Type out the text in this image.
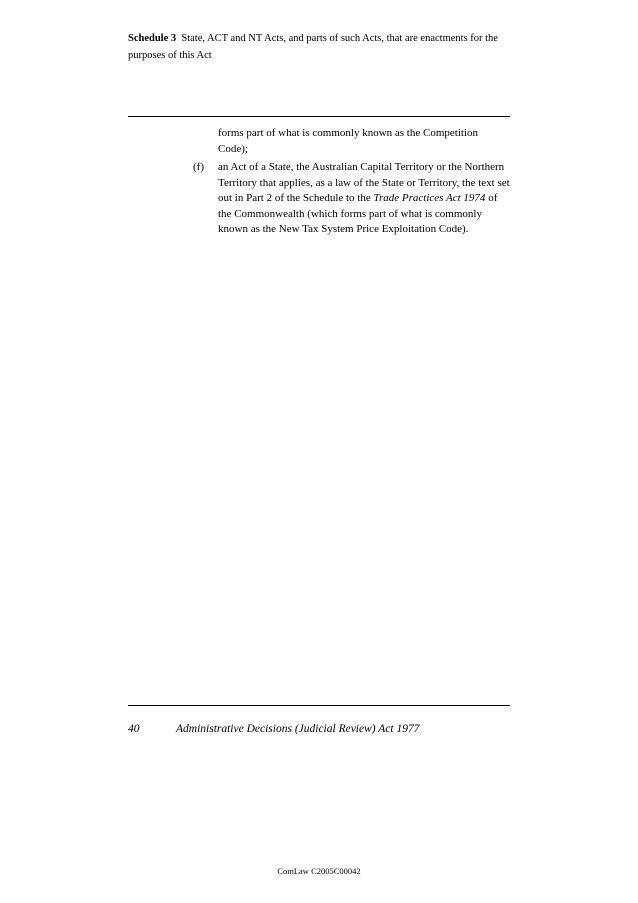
Schedule 3 State, ACT and NT Acts, and parts of such Acts, that are enactments for the purposes of this Act

forms part of what is commonly known as the Competition Code);

(f) an Act of a State, the Australian Capital Territory or the Northern Territory that applies, as a law of the State or Territory, the text set out in Part 2 of the Schedule to the Trade Practices Act 1974 of the Commonwealth (which forms part of what is commonly known as the New Tax System Price Exploitation Code).

40	Administrative Decisions (Judicial Review) Act 1977
ComLaw C2005C00042
